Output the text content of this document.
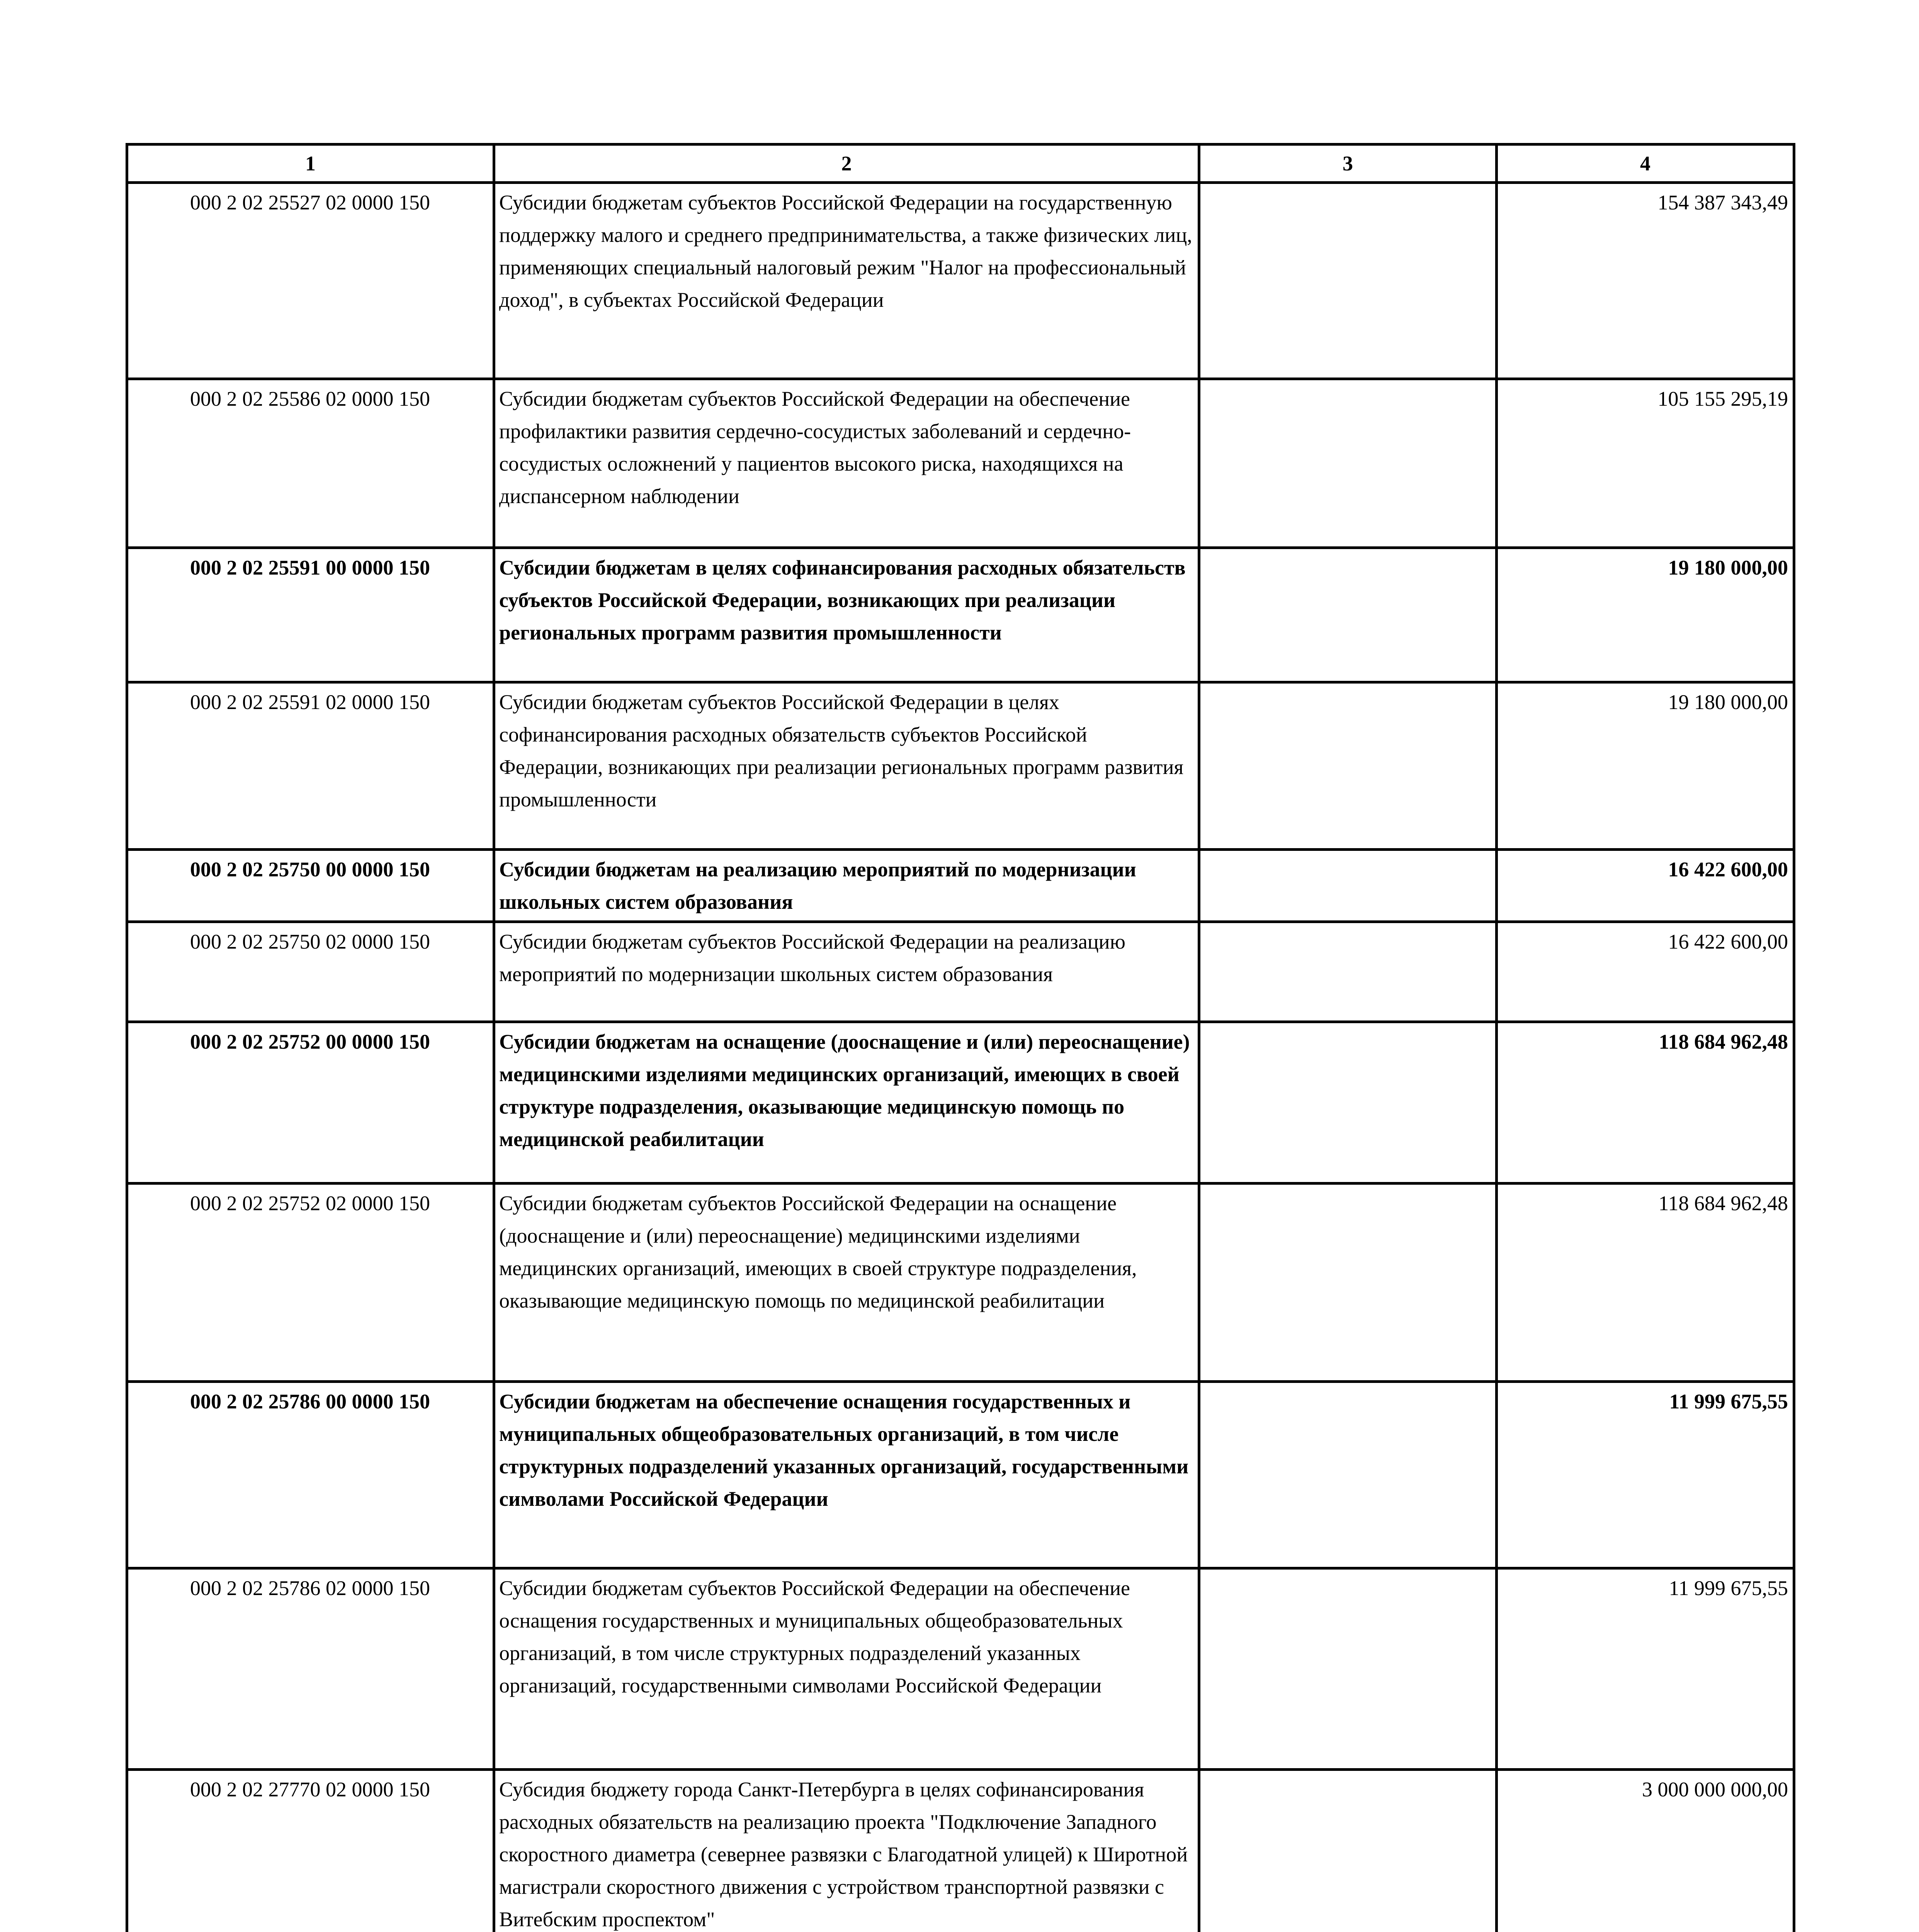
1	2	3	4
000 2 02 25527 02 0000 150	Субсидии бюджетам субъектов Российской Федерации на государственную поддержку малого и среднего предпринимательства, а также физических лиц, применяющих специальный налоговый режим "Налог на профессиональный доход", в субъектах Российской Федерации		154 387 343,49
000 2 02 25586 02 0000 150	Субсидии бюджетам субъектов Российской Федерации на обеспечение профилактики развития сердечно-сосудистых заболеваний и сердечно-сосудистых осложнений у пациентов высокого риска, находящихся на диспансерном наблюдении		105 155 295,19
000 2 02 25591 00 0000 150	Субсидии бюджетам в целях софинансирования расходных обязательств субъектов Российской Федерации, возникающих при реализации региональных программ развития промышленности		19 180 000,00
000 2 02 25591 02 0000 150	Субсидии бюджетам субъектов Российской Федерации в целях софинансирования расходных обязательств субъектов Российской Федерации, возникающих при реализации региональных программ развития промышленности		19 180 000,00
000 2 02 25750 00 0000 150	Субсидии бюджетам на реализацию мероприятий по модернизации школьных систем образования		16 422 600,00
000 2 02 25750 02 0000 150	Субсидии бюджетам субъектов Российской Федерации на реализацию мероприятий по модернизации школьных систем образования		16 422 600,00
000 2 02 25752 00 0000 150	Субсидии бюджетам на оснащение (дооснащение и (или) переоснащение) медицинскими изделиями медицинских организаций, имеющих в своей структуре подразделения, оказывающие медицинскую помощь по медицинской реабилитации		118 684 962,48
000 2 02 25752 02 0000 150	Субсидии бюджетам субъектов Российской Федерации на оснащение (дооснащение и (или) переоснащение) медицинскими изделиями медицинских организаций, имеющих в своей структуре подразделения, оказывающие медицинскую помощь по медицинской реабилитации		118 684 962,48
000 2 02 25786 00 0000 150	Субсидии бюджетам на обеспечение оснащения государственных и муниципальных общеобразовательных организаций, в том числе структурных подразделений указанных организаций, государственными символами Российской Федерации		11 999 675,55
000 2 02 25786 02 0000 150	Субсидии бюджетам субъектов Российской Федерации на обеспечение оснащения государственных и муниципальных общеобразовательных организаций, в том числе структурных подразделений указанных организаций, государственными символами Российской Федерации		11 999 675,55
000 2 02 27770 02 0000 150	Субсидия бюджету города Санкт-Петербурга в целях софинансирования расходных обязательств на реализацию проекта "Подключение Западного скоростного диаметра (севернее развязки с Благодатной улицей) к Широтной магистрали скоростного движения с устройством транспортной развязки с Витебским проспектом"		3 000 000 000,00
